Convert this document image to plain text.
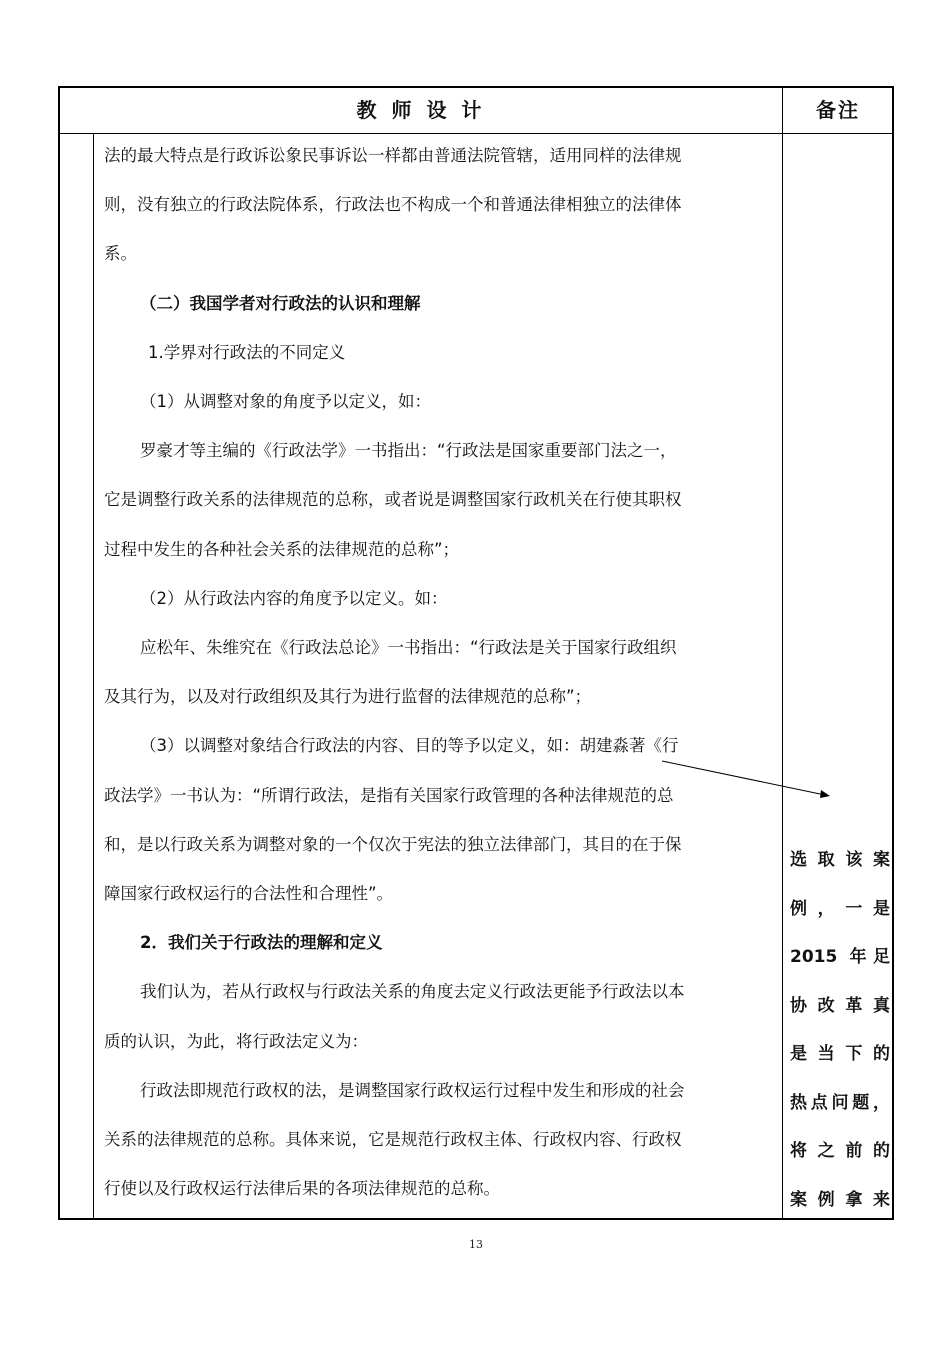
教 师 设 计	备注

法的最大特点是行政诉讼象民事诉讼一样都由普通法院管辖，适用同样的法律规

则，没有独立的行政法院体系，行政法也不构成一个和普通法律相独立的法律体

系。

（二）我国学者对行政法的认识和理解

1.学界对行政法的不同定义

（1）从调整对象的角度予以定义，如：

罗豪才等主编的《行政法学》一书指出：“行政法是国家重要部门法之一，

它是调整行政关系的法律规范的总称，或者说是调整国家行政机关在行使其职权

过程中发生的各种社会关系的法律规范的总称”；

（2）从行政法内容的角度予以定义。如：

应松年、朱维究在《行政法总论》一书指出：“行政法是关于国家行政组织

及其行为，以及对行政组织及其行为进行监督的法律规范的总称”；

（3）以调整对象结合行政法的内容、目的等予以定义，如：胡建淼著《行

政法学》一书认为：“所谓行政法，是指有关国家行政管理的各种法律规范的总

和，是以行政关系为调整对象的一个仅次于宪法的独立法律部门，其目的在于保

障国家行政权运行的合法性和合理性”。

2．我们关于行政法的理解和定义

我们认为，若从行政权与行政法关系的角度去定义行政法更能予行政法以本

质的认识，为此，将行政法定义为：

行政法即规范行政权的法，是调整国家行政权运行过程中发生和形成的社会

关系的法律规范的总称。具体来说，它是规范行政权主体、行政权内容、行政权

行使以及行政权运行法律后果的各项法律规范的总称。

选取该案

例，一是

2015 年足

协改革真

是当下的

热点问题，

将之前的

案例拿来

13
